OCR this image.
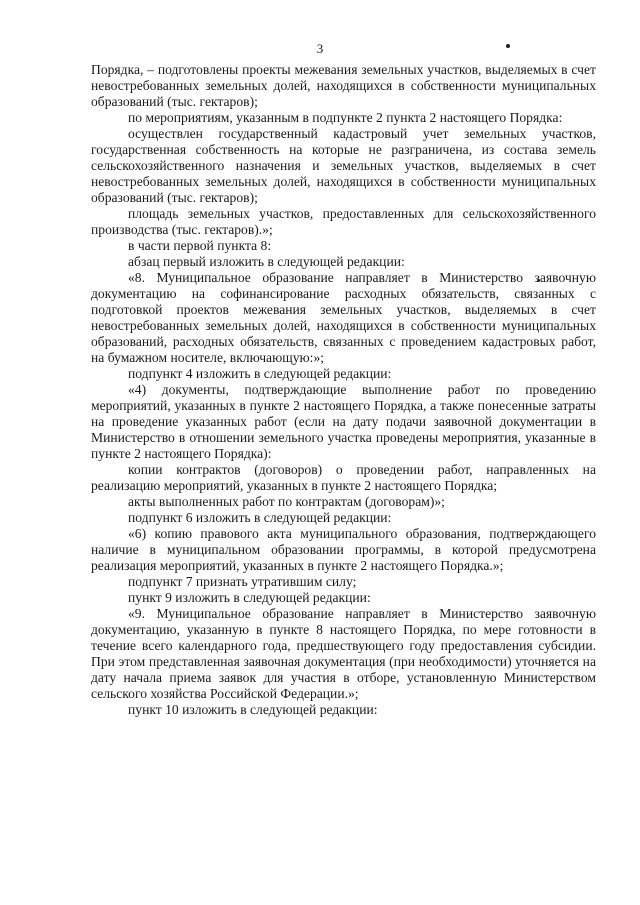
3

Порядка, – подготовлены проекты межевания земельных участков, выделяемых в счет невостребованных земельных долей, находящихся в собственности муниципальных образований (тыс. гектаров);

по мероприятиям, указанным в подпункте 2 пункта 2 настоящего Порядка:

осуществлен государственный кадастровый учет земельных участков, государственная собственность на которые не разграничена, из состава земель сельскохозяйственного назначения и земельных участков, выделяемых в счет невостребованных земельных долей, находящихся в собственности муниципальных образований (тыс. гектаров);

площадь земельных участков, предоставленных для сельскохозяйственного производства (тыс. гектаров).»;

в части первой пункта 8:

абзац первый изложить в следующей редакции:

«8. Муниципальное образование направляет в Министерство заявочную документацию на софинансирование расходных обязательств, связанных с подготовкой проектов межевания земельных участков, выделяемых в счет невостребованных земельных долей, находящихся в собственности муниципальных образований, расходных обязательств, связанных с проведением кадастровых работ, на бумажном носителе, включающую:»;

подпункт 4 изложить в следующей редакции:

«4) документы, подтверждающие выполнение работ по проведению мероприятий, указанных в пункте 2 настоящего Порядка, а также понесенные затраты на проведение указанных работ (если на дату подачи заявочной документации в Министерство в отношении земельного участка проведены мероприятия, указанные в пункте 2 настоящего Порядка):

копии контрактов (договоров) о проведении работ, направленных на реализацию мероприятий, указанных в пункте 2 настоящего Порядка;

акты выполненных работ по контрактам (договорам)»;

подпункт 6 изложить в следующей редакции:

«6) копию правового акта муниципального образования, подтверждающего наличие в муниципальном образовании программы, в которой предусмотрена реализация мероприятий, указанных в пункте 2 настоящего Порядка.»;

подпункт 7 признать утратившим силу;

пункт 9 изложить в следующей редакции:

«9. Муниципальное образование направляет в Министерство заявочную документацию, указанную в пункте 8 настоящего Порядка, по мере готовности в течение всего календарного года, предшествующего году предоставления субсидии. При этом представленная заявочная документация (при необходимости) уточняется на дату начала приема заявок для участия в отборе, установленную Министерством сельского хозяйства Российской Федерации.»;

пункт 10 изложить в следующей редакции:
